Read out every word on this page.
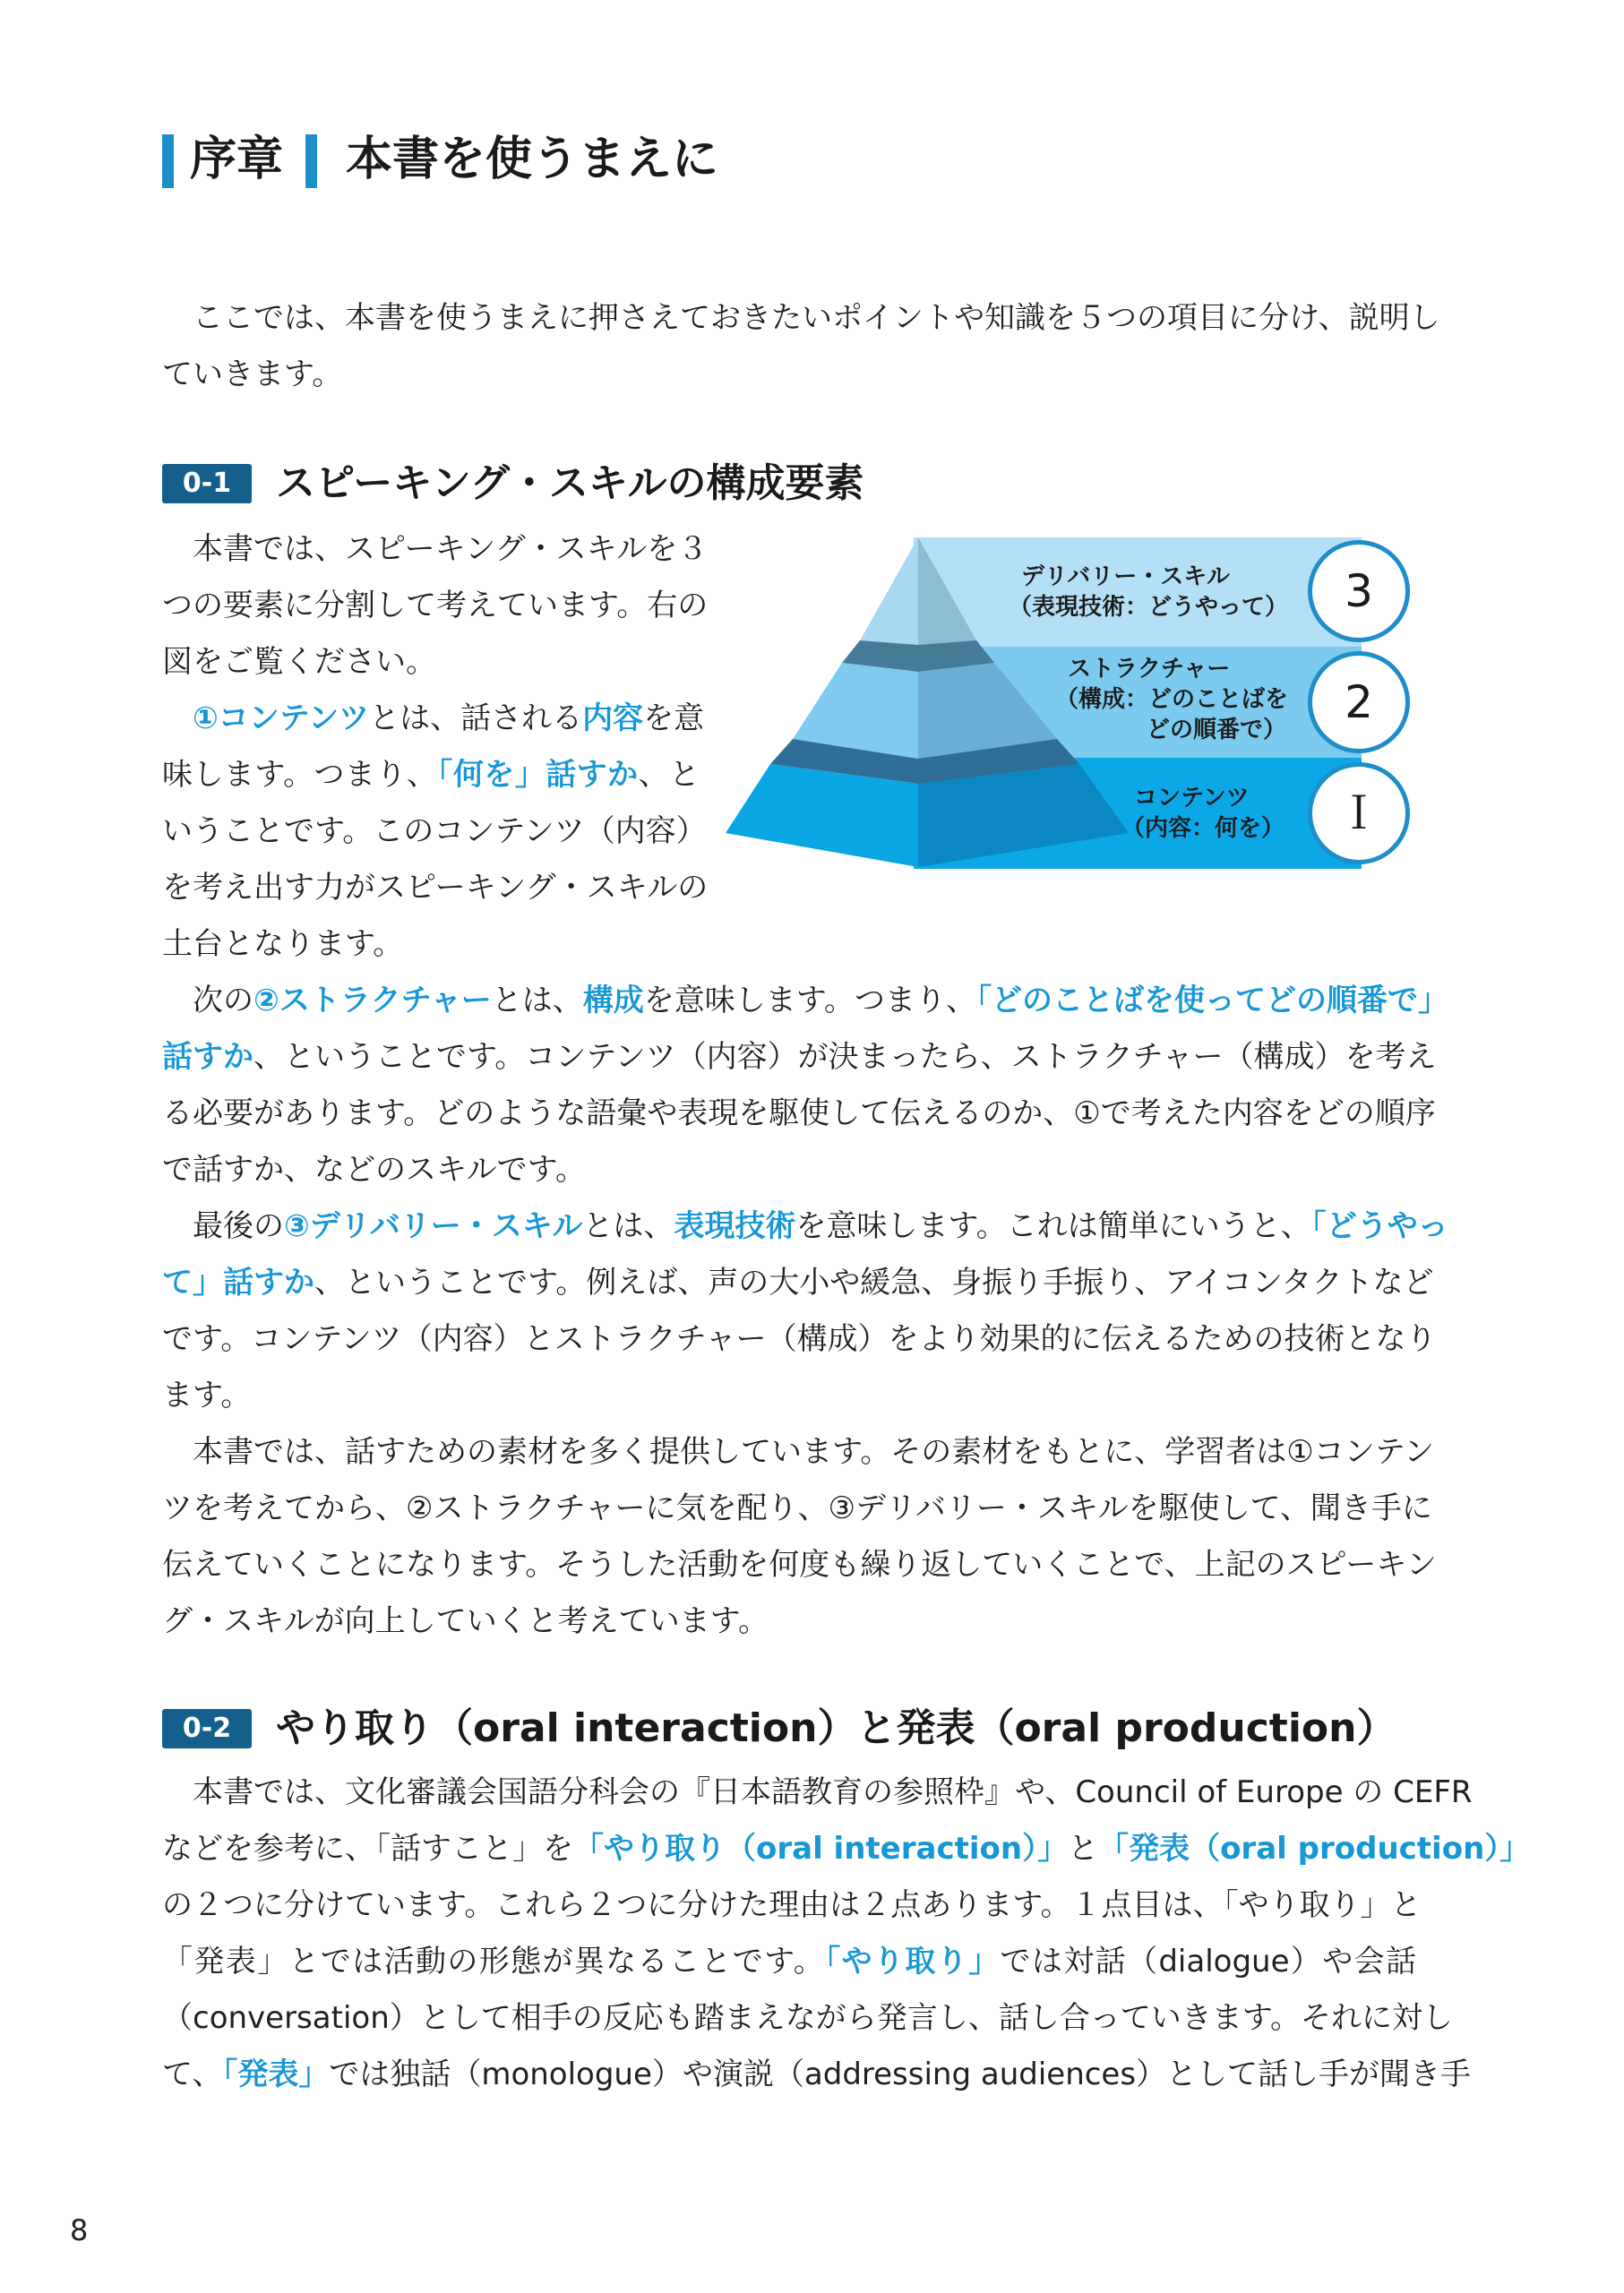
序章 本書を使うまえに
　ここでは、本書を使うまえに押さえておきたいポイントや知識を５つの項目に分け、説明し
ていきます。
0-1	スピーキング・スキルの構成要素
　本書では、スピーキング・スキルを３
つの要素に分割して考えています。右の
図をご覧ください。
　①コンテンツとは、話される内容を意
味します。つまり、「何を」話すか、と
いうことです。このコンテンツ（内容）
を考え出す力がスピーキング・スキルの
土台となります。
デリバリー・スキル
（表現技術：どうやって）
ストラクチャー
（構成：どのことばを
どの順番で）
コンテンツ
（内容：何を）
3
2
Ｉ
　次の②ストラクチャーとは、構成を意味します。つまり、「どのことばを使ってどの順番で」
話すか、ということです。コンテンツ（内容）が決まったら、ストラクチャー（構成）を考え
る必要があります。どのような語彙や表現を駆使して伝えるのか、①で考えた内容をどの順序
で話すか、などのスキルです。
　最後の③デリバリー・スキルとは、表現技術を意味します。これは簡単にいうと、「どうやっ
て」話すか、ということです。例えば、声の大小や緩急、身振り手振り、アイコンタクトなど
です。コンテンツ（内容）とストラクチャー（構成）をより効果的に伝えるための技術となり
ます。
　本書では、話すための素材を多く提供しています。その素材をもとに、学習者は①コンテン
ツを考えてから、②ストラクチャーに気を配り、③デリバリー・スキルを駆使して、聞き手に
伝えていくことになります。そうした活動を何度も繰り返していくことで、上記のスピーキン
グ・スキルが向上していくと考えています。
0-2	やり取り（oral interaction）と発表（oral production）
　本書では、文化審議会国語分科会の『日本語教育の参照枠』や、Council of Europe の CEFR
などを参考に、「話すこと」を「やり取り（oral interaction）」と「発表（oral production）」
の２つに分けています。これら２つに分けた理由は２点あります。１点目は、「やり取り」と
「発表」とでは活動の形態が異なることです。「やり取り」では対話（dialogue）や会話
（conversation）として相手の反応も踏まえながら発言し、話し合っていきます。それに対し
て、「発表」では独話（monologue）や演説（addressing audiences）として話し手が聞き手
8
